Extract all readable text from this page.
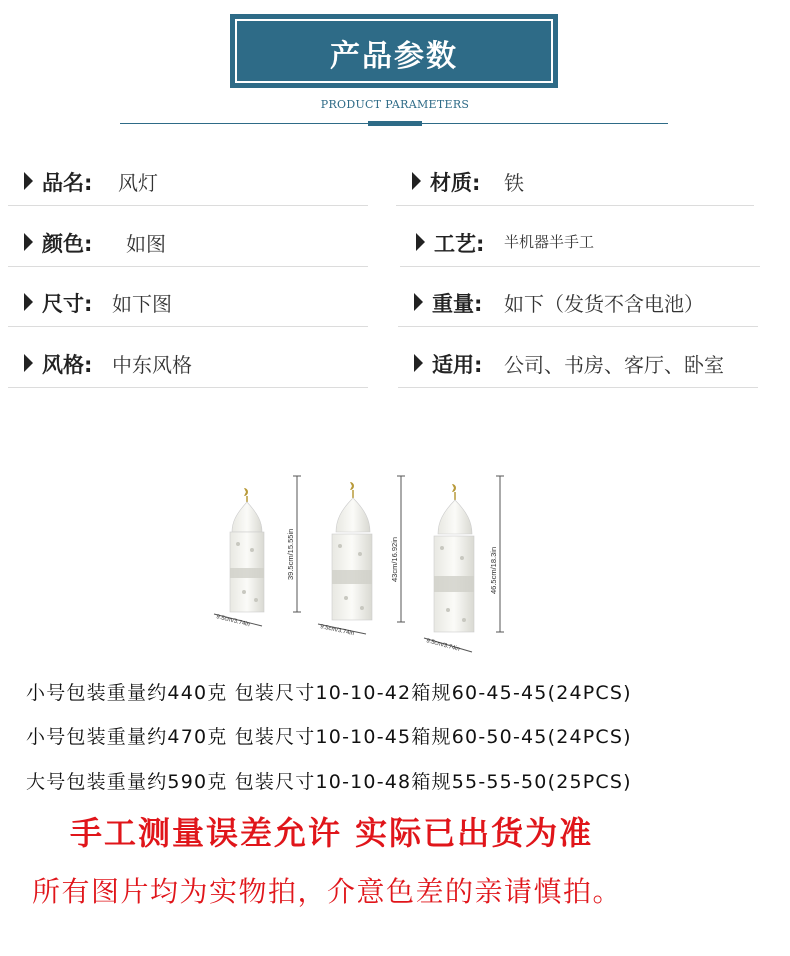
产品参数
PRODUCT PARAMETERS
品名: 风灯	材质: 铁
颜色: 如图	工艺: 半机器半手工
尺寸: 如下图	重量: 如下（发货不含电池）
风格: 中东风格	适用: 公司、书房、客厅、卧室
39.5cm/15.55in
9.5cm/3.74in
43cm/16.92in
9.5cm/3.74in
46.5cm/18.3in
9.5cm/3.74in
小号包装重量约440克 包装尺寸10-10-42箱规60-45-45(24PCS)
小号包装重量约470克 包装尺寸10-10-45箱规60-50-45(24PCS)
大号包装重量约590克 包装尺寸10-10-48箱规55-55-50(25PCS)
手工测量误差允许 实际已出货为准
所有图片均为实物拍，介意色差的亲请慎拍。
